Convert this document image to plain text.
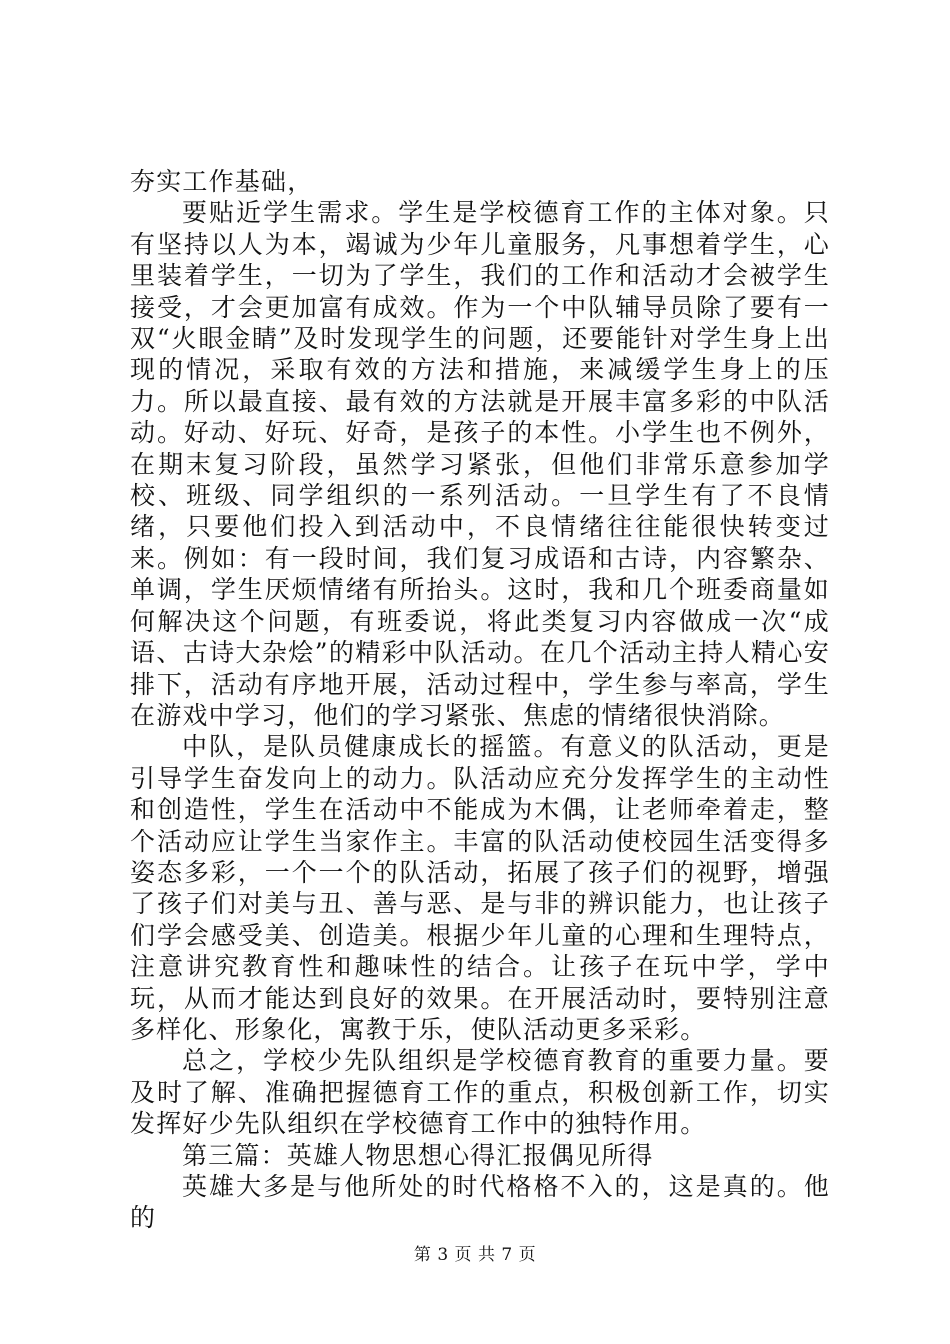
夯实工作基础，

要贴近学生需求。学生是学校德育工作的主体对象。只有坚持以人为本，竭诚为少年儿童服务，凡事想着学生，心里装着学生，一切为了学生，我们的工作和活动才会被学生接受，才会更加富有成效。作为一个中队辅导员除了要有一双“火眼金睛”及时发现学生的问题，还要能针对学生身上出现的情况，采取有效的方法和措施，来减缓学生身上的压力。所以最直接、最有效的方法就是开展丰富多彩的中队活动。好动、好玩、好奇，是孩子的本性。小学生也不例外，在期末复习阶段，虽然学习紧张，但他们非常乐意参加学校、班级、同学组织的一系列活动。一旦学生有了不良情绪，只要他们投入到活动中，不良情绪往往能很快转变过来。例如：有一段时间，我们复习成语和古诗，内容繁杂、单调，学生厌烦情绪有所抬头。这时，我和几个班委商量如何解决这个问题，有班委说，将此类复习内容做成一次“成语、古诗大杂烩”的精彩中队活动。在几个活动主持人精心安排下，活动有序地开展，活动过程中，学生参与率高，学生在游戏中学习，他们的学习紧张、焦虑的情绪很快消除。

中队，是队员健康成长的摇篮。有意义的队活动，更是引导学生奋发向上的动力。队活动应充分发挥学生的主动性和创造性，学生在活动中不能成为木偶，让老师牵着走，整个活动应让学生当家作主。丰富的队活动使校园生活变得多姿态多彩，一个一个的队活动，拓展了孩子们的视野，增强了孩子们对美与丑、善与恶、是与非的辨识能力，也让孩子们学会感受美、创造美。根据少年儿童的心理和生理特点，注意讲究教育性和趣味性的结合。让孩子在玩中学，学中玩，从而才能达到良好的效果。在开展活动时，要特别注意多样化、形象化，寓教于乐，使队活动更多采彩。

总之，学校少先队组织是学校德育教育的重要力量。要及时了解、准确把握德育工作的重点，积极创新工作，切实发挥好少先队组织在学校德育工作中的独特作用。

第三篇：英雄人物思想心得汇报偶见所得

英雄大多是与他所处的时代格格不入的，这是真的。他的

第 3 页 共 7 页
